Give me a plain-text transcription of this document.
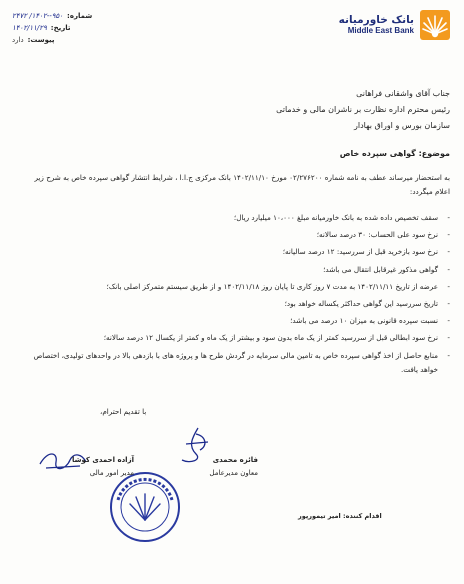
بانک خاورمیانه
Middle East Bank
شماره:
۹۵۰--۱۴۰۲/ ۲۴۷۲
تاریخ:
۱۴۰۲/۱۱/۲۹
پیوست:
دارد
جناب آقای واشقانی فراهانی
رئیس محترم اداره نظارت بر ناشران مالی و خدماتی
سازمان بورس و اوراق بهادار
موضوع: گواهی سپرده خاص
به استحضار میرساند عطف به نامه شماره ۰۲/۲۷۶۲۰۰ مورخ ۱۴۰۲/۱۱/۱۰ بانک مرکزی ج.ا.ا ، شرایط انتشار گواهی سپرده خاص به شرح زیر اعلام میگردد:
- سقف تخصیص داده شده به بانک خاورمیانه مبلغ ۱۰،۰۰۰ میلیارد ریال؛
- نرخ سود علی الحساب: ۳۰ درصد سالانه؛
- نرخ سود بازخرید قبل از سررسید: ۱۲ درصد سالیانه؛
- گواهی مذکور غیرقابل انتقال می باشد؛
- عرضه از تاریخ ۱۴۰۲/۱۱/۱۱ به مدت ۷ روز کاری تا پایان روز ۱۴۰۲/۱۱/۱۸ و از طریق سیستم متمرکز اصلی بانک؛
- تاریخ سررسید این گواهی حداکثر یکساله خواهد بود؛
- نسبت سپرده قانونی به میزان ۱۰ درصد می باشد؛
- نرخ سود ابطالی قبل از سررسید کمتر از یک ماه بدون سود و بیشتر از یک ماه و کمتر از یکسال ۱۲ درصد سالانه؛
- منابع حاصل از اخذ گواهی سپرده خاص به تامین مالی سرمایه در گردش طرح ها و پروژه های با بازدهی بالا در واحدهای تولیدی، اختصاص خواهد یافت.
با تقدیم احترام،
آزاده احمدی کوشا
مدیر امور مالی
فائزه محمدی
معاون مدیرعامل
اقدام کننده: امیر تیمورپور
